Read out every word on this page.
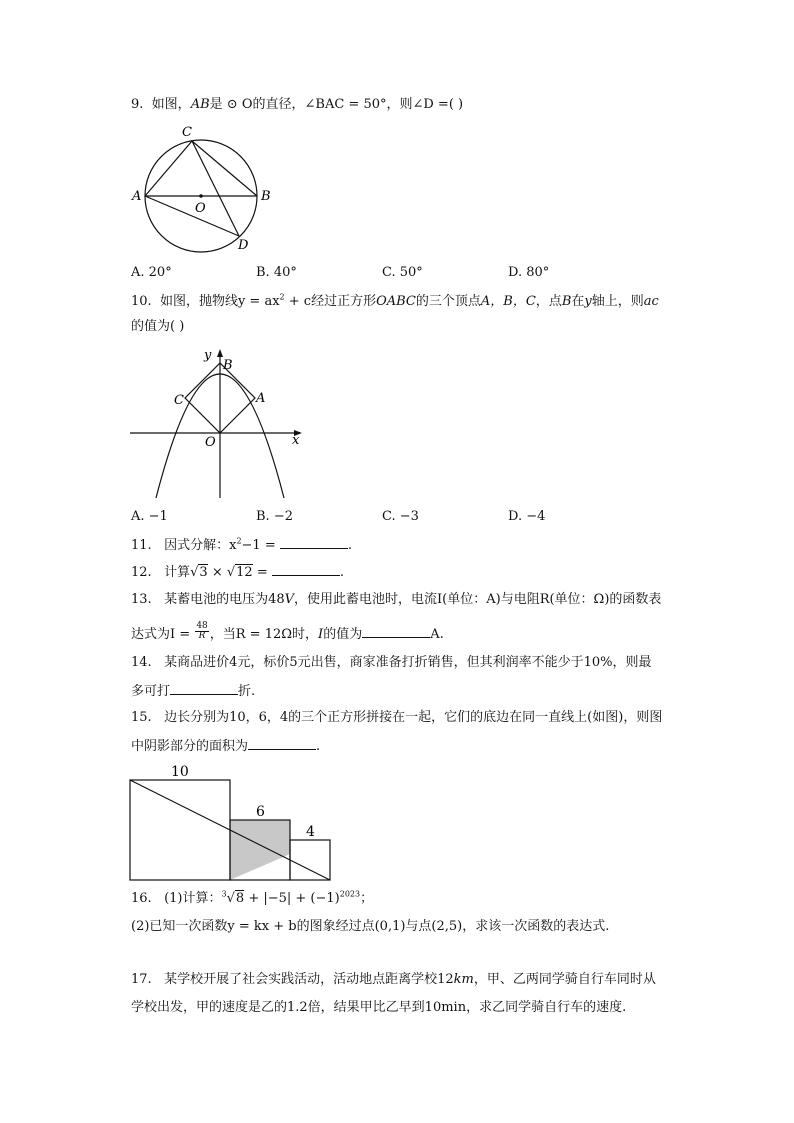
9. 如图，AB是 ⊙ O的直径，∠BAC = 50°，则∠D =( )
A	B
C
D
O
A. 20°	B. 40°	C. 50°	D. 80°
10. 如图，抛物线$y = ax^2 + c$经过正方形OABC的三个顶点A，B，C，点B在y轴上，则ac
的值为( )
y
x
B
C	A
O
A. −1	B. −2	C. −3	D. −4
11. 因式分解：$x^2-1$ =	.
12. 计算√3 × √12 =	.
13. 某蓄电池的电压为48V，使用此蓄电池时，电流I(单位：A)与电阻R(单位：Ω)的函数表
达式为$I = \frac{48}{R}$ ，当R = 12Ω时，I的值为	A.
14. 某商品进价4元，标价5元出售，商家准备打折销售，但其利润率不能少于10%，则最
多可打	折.
15. 边长分别为10，6，4的三个正方形拼接在一起，它们的底边在同一直线上(如图)，则图
中阴影部分的面积为	.
10
6
4
16. (1)计算：$^3√8 + |-5| + (-1)^{2023}$；
(2)已知一次函数y = kx + b的图象经过点(0,1)与点(2,5)，求该一次函数的表达式.
17. 某学校开展了社会实践活动，活动地点距离学校12km，甲、乙两同学骑自行车同时从
学校出发，甲的速度是乙的1.2倍，结果甲比乙早到10min，求乙同学骑自行车的速度.
